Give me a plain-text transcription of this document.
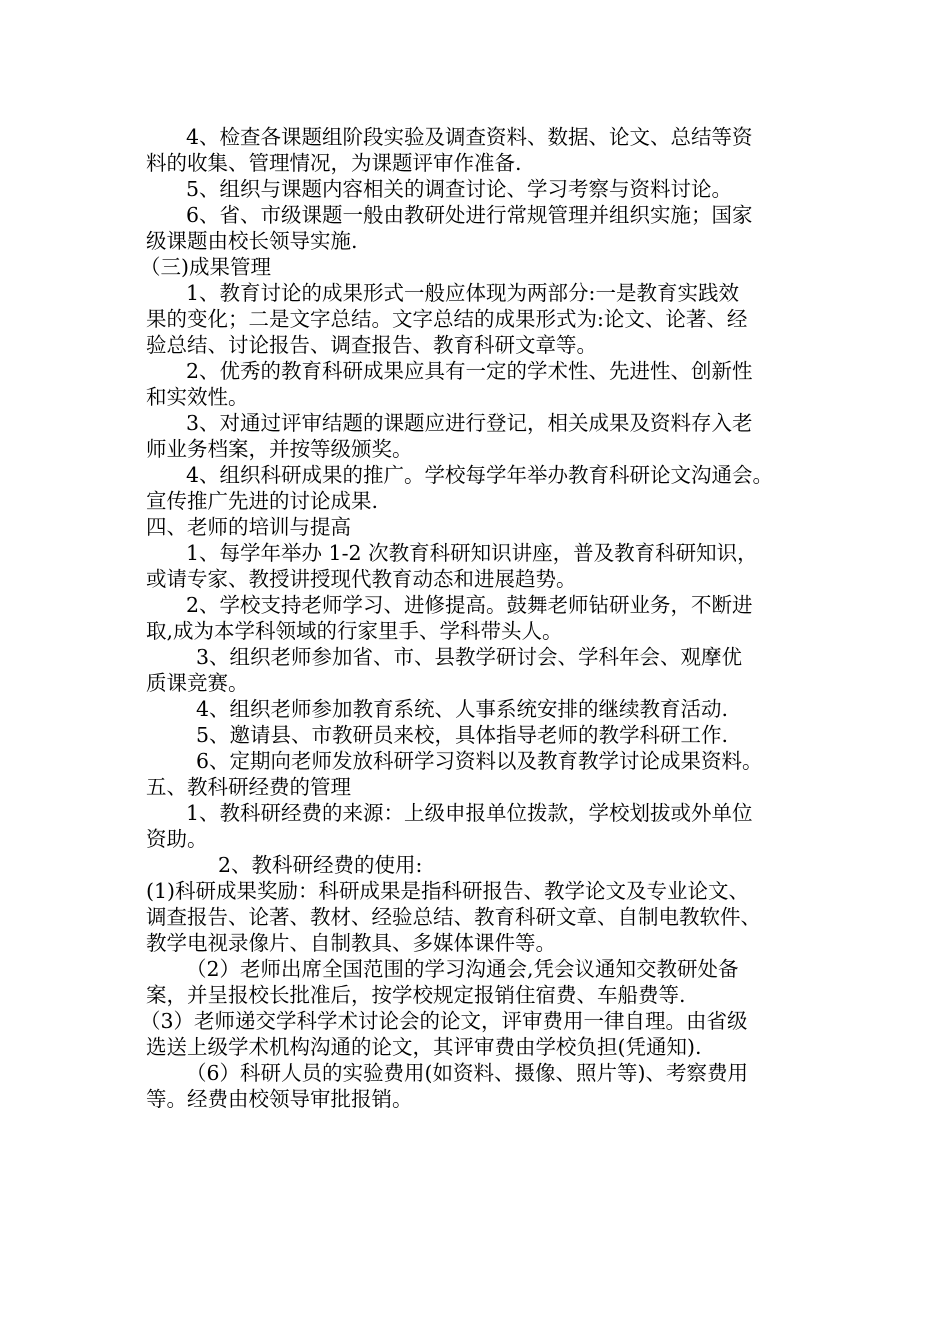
4、检查各课题组阶段实验及调查资料、数据、论文、总结等资
料的收集、管理情况，为课题评审作准备.
5、组织与课题内容相关的调查讨论、学习考察与资料讨论。
6、省、市级课题一般由教研处进行常规管理并组织实施；国家
级课题由校长领导实施.
（三)成果管理
1、教育讨论的成果形式一般应体现为两部分:一是教育实践效
果的变化；二是文字总结。文字总结的成果形式为:论文、论著、经
验总结、讨论报告、调查报告、教育科研文章等。
2、优秀的教育科研成果应具有一定的学术性、先进性、创新性
和实效性。
3、对通过评审结题的课题应进行登记，相关成果及资料存入老
师业务档案，并按等级颁奖。
4、组织科研成果的推广。学校每学年举办教育科研论文沟通会。
宣传推广先进的讨论成果.
四、老师的培训与提高
1、每学年举办 1-2 次教育科研知识讲座，普及教育科研知识，
或请专家、教授讲授现代教育动态和进展趋势。
2、学校支持老师学习、进修提高。鼓舞老师钻研业务，不断进
取,成为本学科领域的行家里手、学科带头人。
3、组织老师参加省、市、县教学研讨会、学科年会、观摩优
质课竞赛。
4、组织老师参加教育系统、人事系统安排的继续教育活动.
5、邀请县、市教研员来校，具体指导老师的教学科研工作.
6、定期向老师发放科研学习资料以及教育教学讨论成果资料。
五、教科研经费的管理
1、教科研经费的来源：上级申报单位拨款，学校划拔或外单位
资助。
2、教科研经费的使用:
(1)科研成果奖励：科研成果是指科研报告、教学论文及专业论文、
调查报告、论著、教材、经验总结、教育科研文章、自制电教软件、
教学电视录像片、自制教具、多媒体课件等。
（2）老师出席全国范围的学习沟通会,凭会议通知交教研处备
案，并呈报校长批准后，按学校规定报销住宿费、车船费等.
（3）老师递交学科学术讨论会的论文，评审费用一律自理。由省级
选送上级学术机构沟通的论文，其评审费由学校负担(凭通知).
（6）科研人员的实验费用(如资料、摄像、照片等)、考察费用
等。经费由校领导审批报销。
